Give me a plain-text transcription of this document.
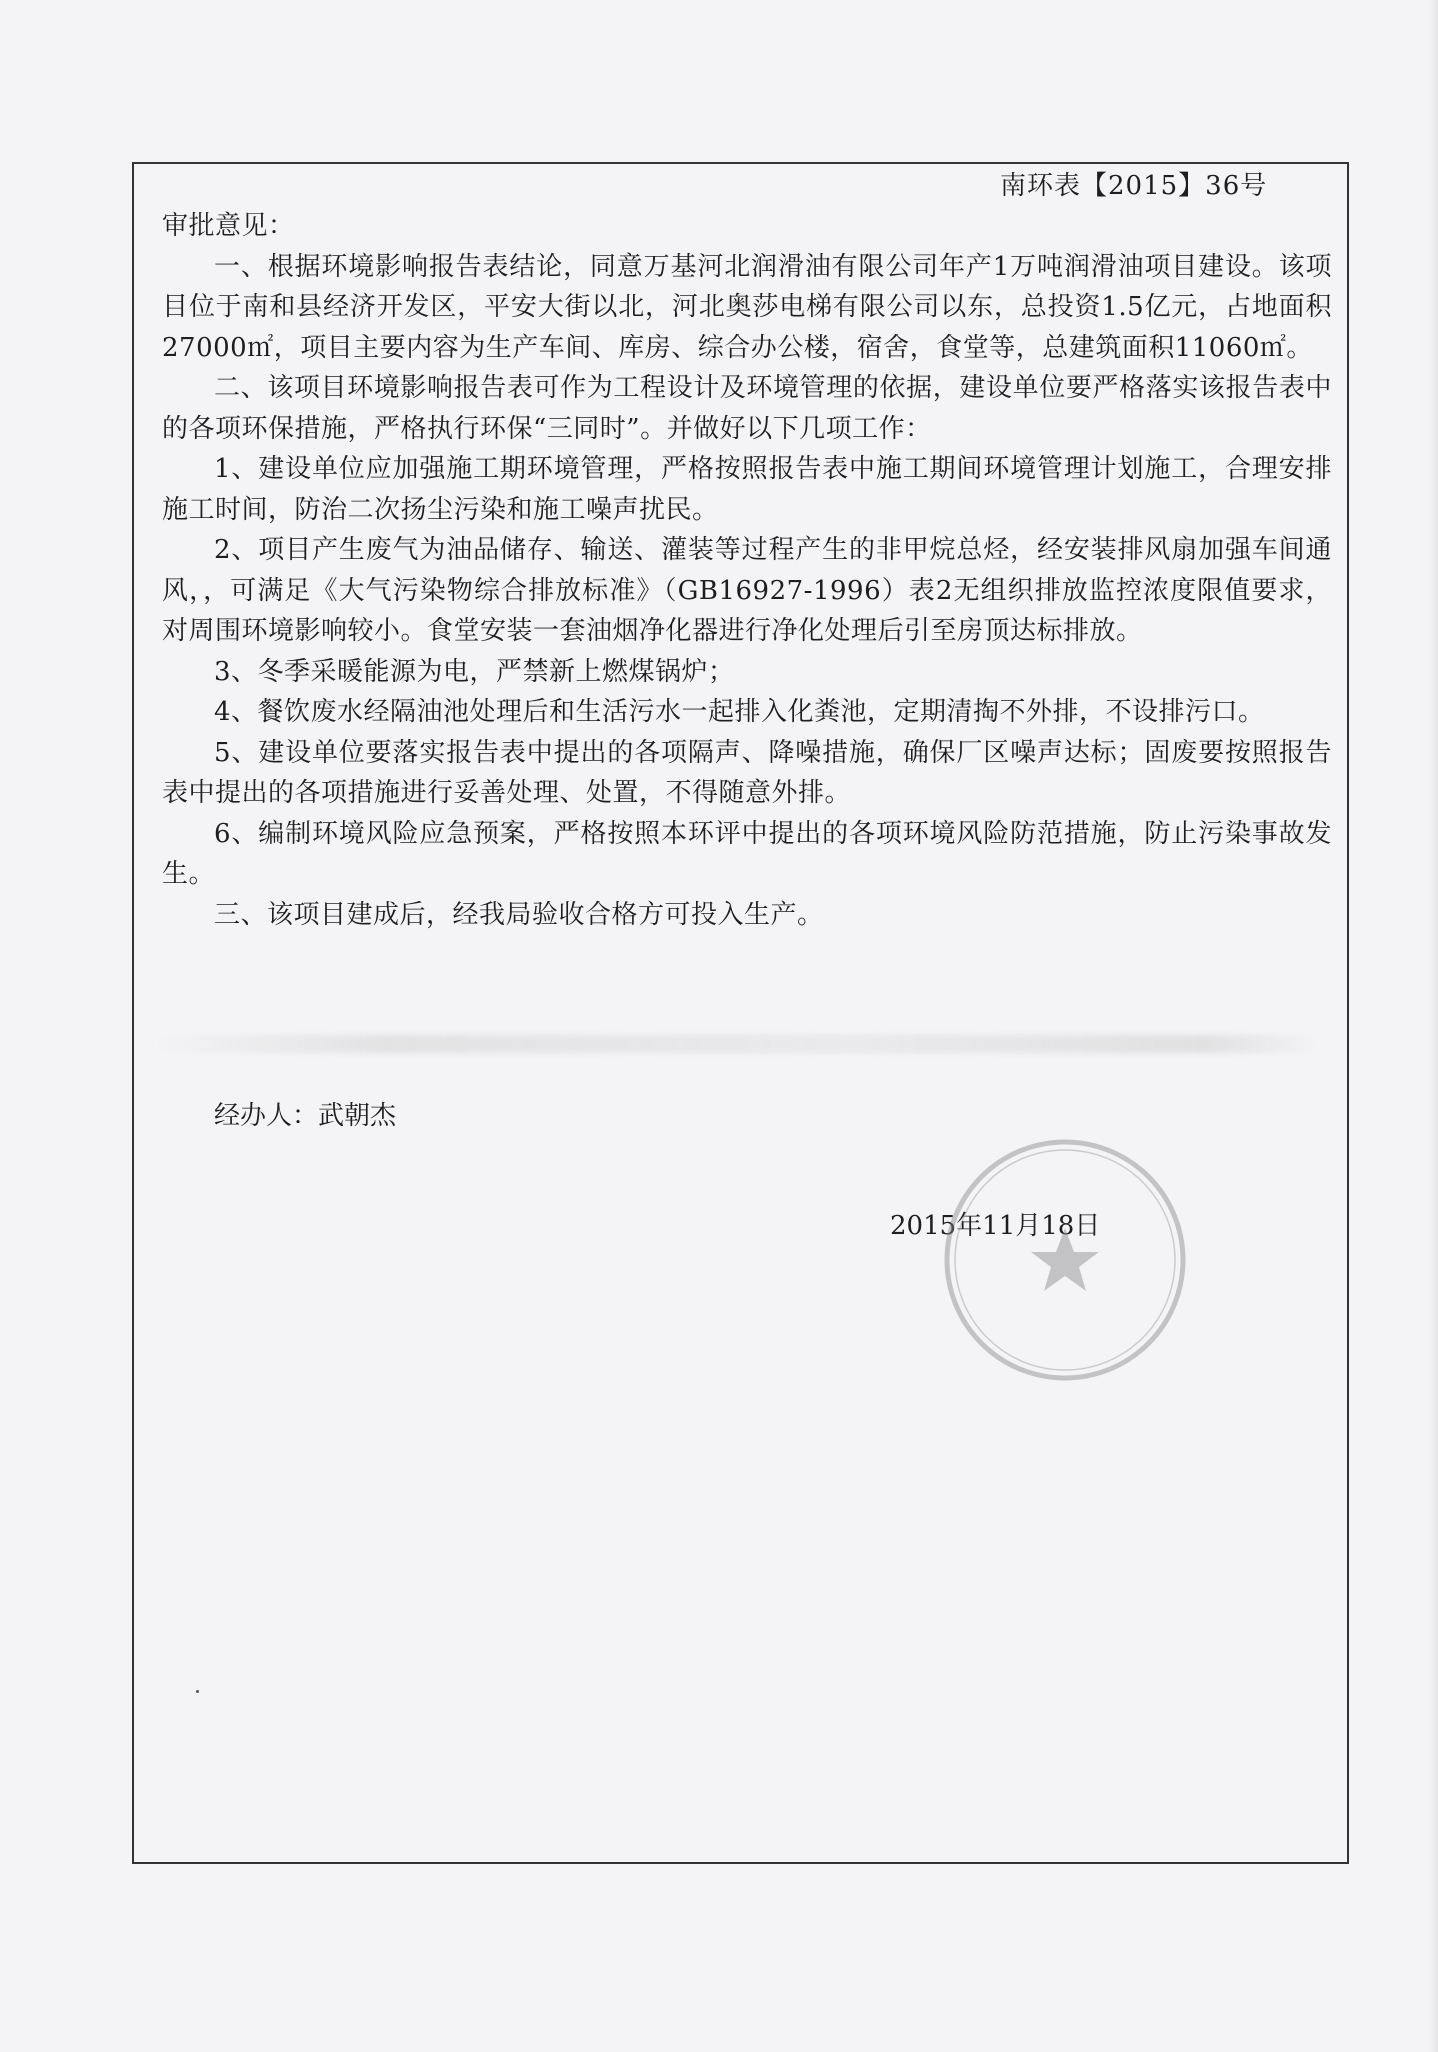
南环表【2015】36号

审批意见：

一、根据环境影响报告表结论，同意万基河北润滑油有限公司年产1万吨润滑油项目建设。该项目位于南和县经济开发区，平安大街以北，河北奥莎电梯有限公司以东，总投资1.5亿元，占地面积27000㎡，项目主要内容为生产车间、库房、综合办公楼，宿舍，食堂等，总建筑面积11060㎡。

二、该项目环境影响报告表可作为工程设计及环境管理的依据，建设单位要严格落实该报告表中的各项环保措施，严格执行环保“三同时”。并做好以下几项工作：

1、建设单位应加强施工期环境管理，严格按照报告表中施工期间环境管理计划施工，合理安排施工时间，防治二次扬尘污染和施工噪声扰民。

2、项目产生废气为油品储存、输送、灌装等过程产生的非甲烷总烃，经安装排风扇加强车间通风，，可满足《大气污染物综合排放标准》（GB16927-1996）表2无组织排放监控浓度限值要求，对周围环境影响较小。食堂安装一套油烟净化器进行净化处理后引至房顶达标排放。

3、冬季采暖能源为电，严禁新上燃煤锅炉；

4、餐饮废水经隔油池处理后和生活污水一起排入化粪池，定期清掏不外排，不设排污口。

5、建设单位要落实报告表中提出的各项隔声、降噪措施，确保厂区噪声达标；固废要按照报告表中提出的各项措施进行妥善处理、处置，不得随意外排。

6、编制环境风险应急预案，严格按照本环评中提出的各项环境风险防范措施，防止污染事故发生。

三、该项目建成后，经我局验收合格方可投入生产。

经办人：武朝杰
2015年11月18日
